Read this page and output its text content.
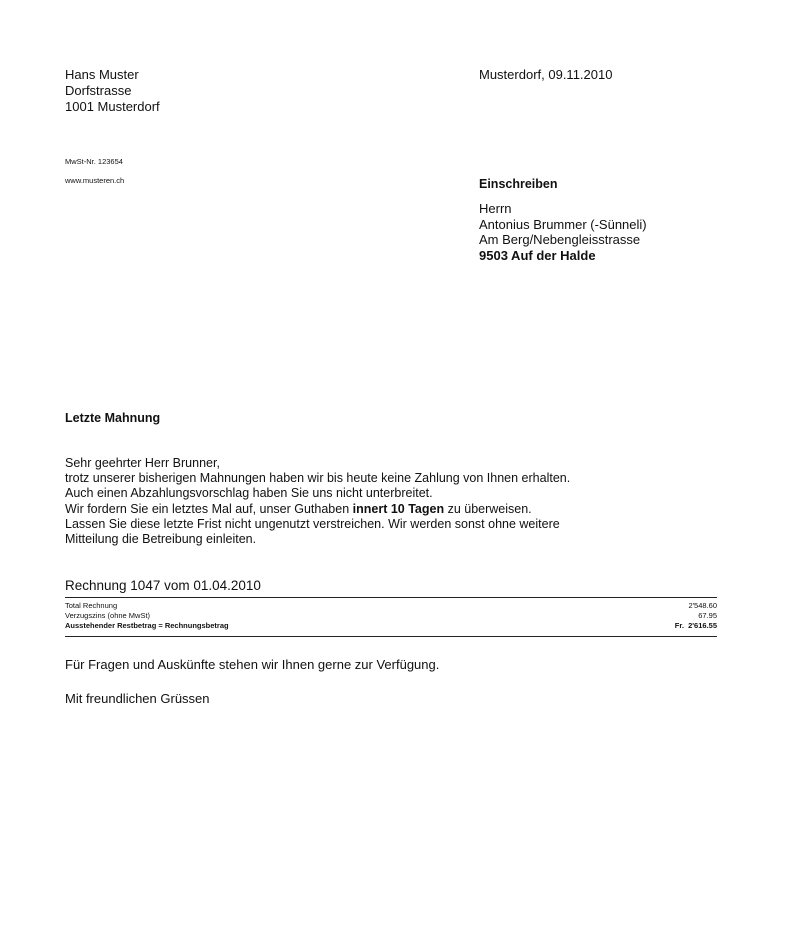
Hans Muster
Dorfstrasse
1001 Musterdorf
Musterdorf, 09.11.2010
MwSt-Nr. 123654
www.musteren.ch	Einschreiben
Herrn
Antonius Brummer (-Sünneli)
Am Berg/Nebengleisstrasse
9503 Auf der Halde
Letzte Mahnung
Sehr geehrter Herr Brunner,
trotz unserer bisherigen Mahnungen haben wir bis heute keine Zahlung von Ihnen erhalten.
Auch einen Abzahlungsvorschlag haben Sie uns nicht unterbreitet.
Wir fordern Sie ein letztes Mal auf, unser Guthaben innert 10 Tagen zu überweisen.
Lassen Sie diese letzte Frist nicht ungenutzt verstreichen. Wir werden sonst ohne weitere
Mitteilung die Betreibung einleiten.
Rechnung 1047 vom 01.04.2010
Total Rechnung	2'548.60
Verzugszins (ohne MwSt)	67.95
Ausstehender Restbetrag = Rechnungsbetrag	Fr.  2'616.55
Für Fragen und Auskünfte stehen wir Ihnen gerne zur Verfügung.
Mit freundlichen Grüssen
